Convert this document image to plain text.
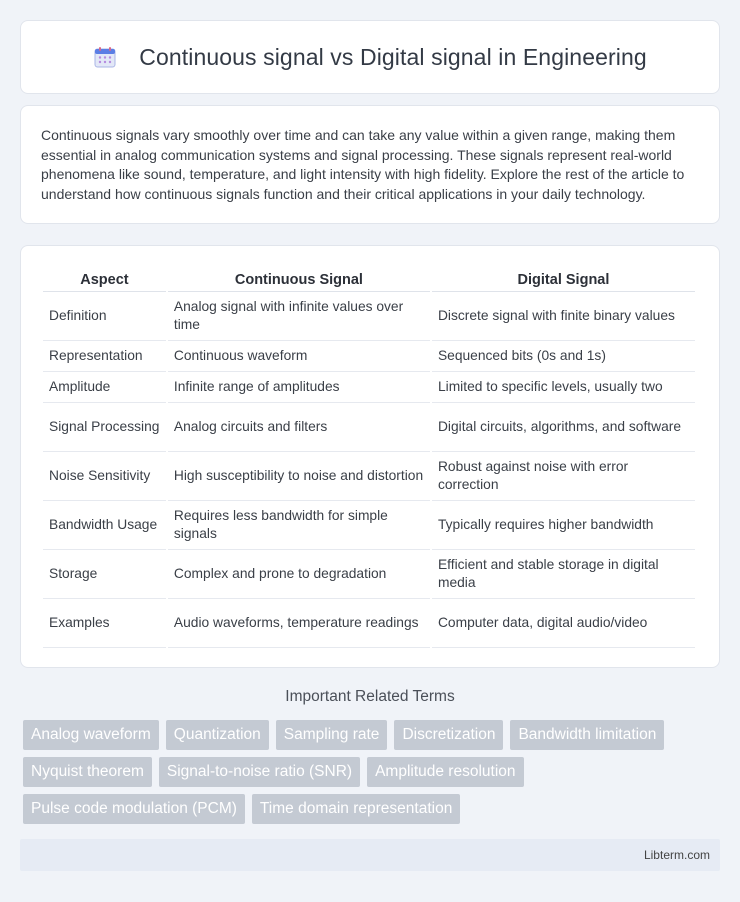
Continuous signal vs Digital signal in Engineering

Continuous signals vary smoothly over time and can take any value within a given range, making them essential in analog communication systems and signal processing. These signals represent real-world phenomena like sound, temperature, and light intensity with high fidelity. Explore the rest of the article to understand how continuous signals function and their critical applications in your daily technology.

Aspect	Continuous Signal	Digital Signal
Definition	Analog signal with infinite values over time	Discrete signal with finite binary values
Representation	Continuous waveform	Sequenced bits (0s and 1s)
Amplitude	Infinite range of amplitudes	Limited to specific levels, usually two
Signal Processing	Analog circuits and filters	Digital circuits, algorithms, and software
Noise Sensitivity	High susceptibility to noise and distortion	Robust against noise with error correction
Bandwidth Usage	Requires less bandwidth for simple signals	Typically requires higher bandwidth
Storage	Complex and prone to degradation	Efficient and stable storage in digital media
Examples	Audio waveforms, temperature readings	Computer data, digital audio/video
Important Related Terms
Analog waveform	Quantization	Sampling rate	Discretization	Bandwidth limitation
Nyquist theorem	Signal-to-noise ratio (SNR)	Amplitude resolution
Pulse code modulation (PCM)	Time domain representation
Libterm.com
